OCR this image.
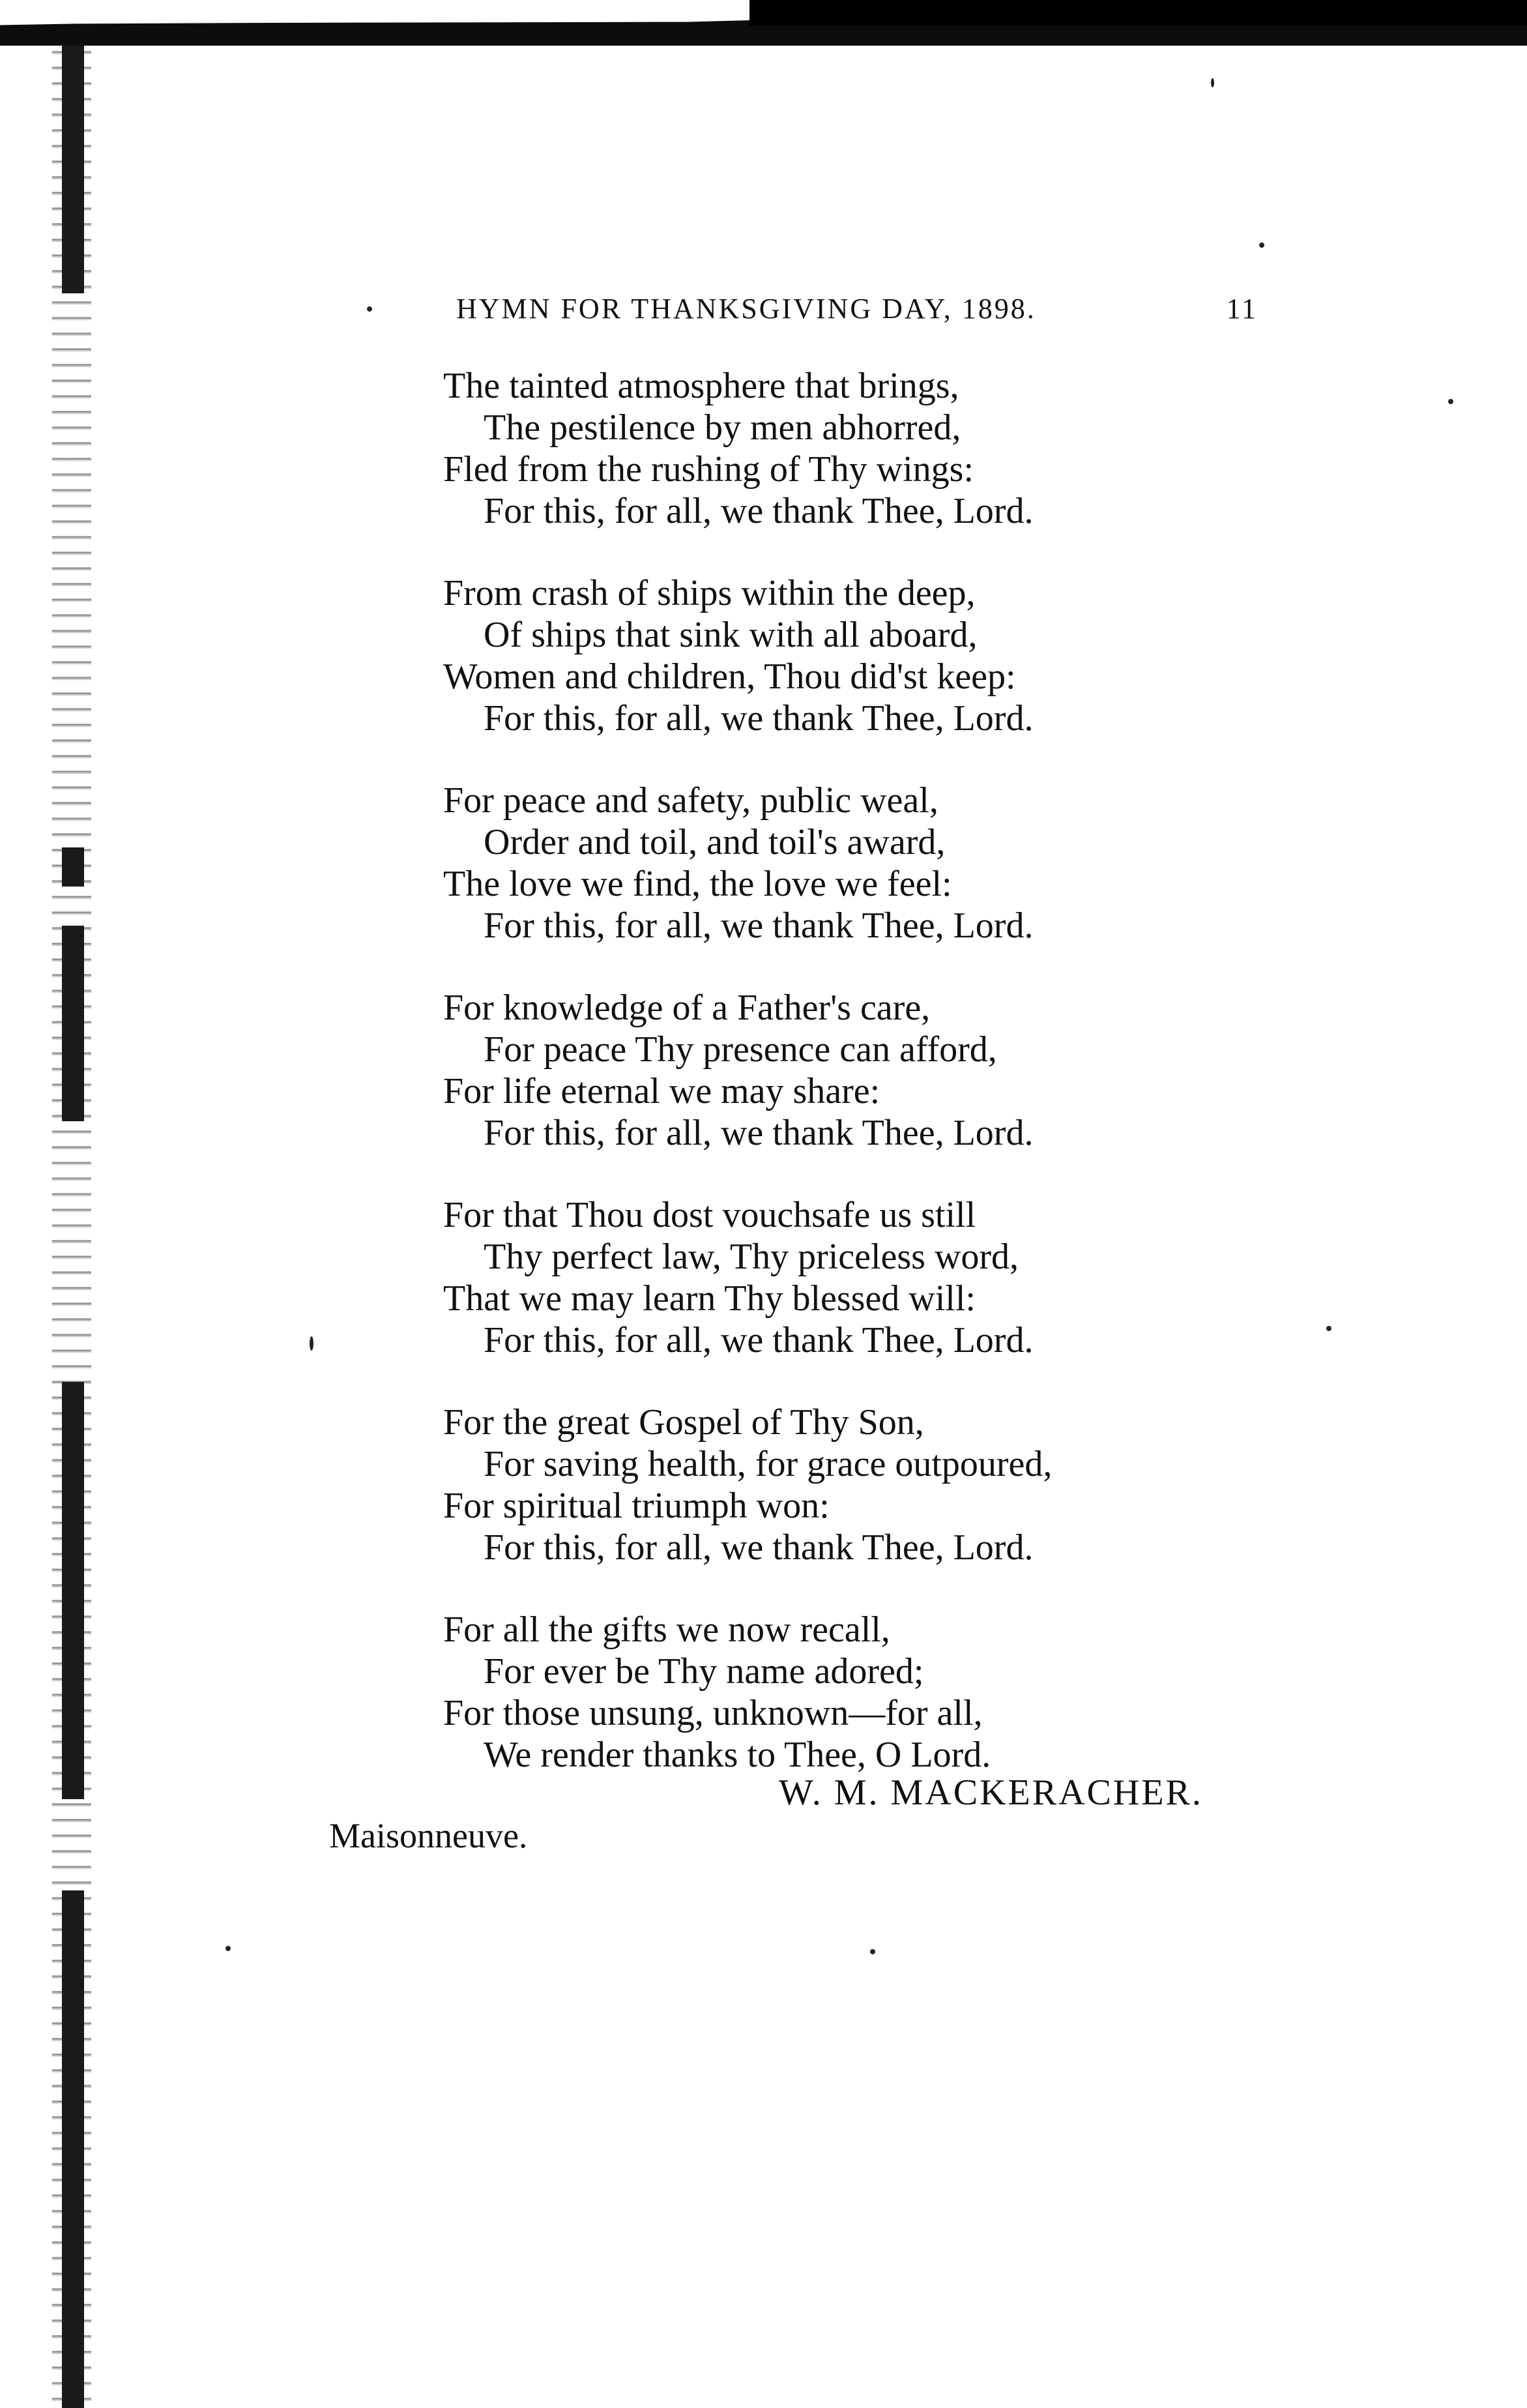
HYMN FOR THANKSGIVING DAY, 1898.	11
The tainted atmosphere that brings,
The pestilence by men abhorred,
Fled from the rushing of Thy wings:
For this, for all, we thank Thee, Lord.
From crash of ships within the deep,
Of ships that sink with all aboard,
Women and children, Thou did'st keep:
For this, for all, we thank Thee, Lord.
For peace and safety, public weal,
Order and toil, and toil's award,
The love we find, the love we feel:
For this, for all, we thank Thee, Lord.
For knowledge of a Father's care,
For peace Thy presence can afford,
For life eternal we may share:
For this, for all, we thank Thee, Lord.
For that Thou dost vouchsafe us still
Thy perfect law, Thy priceless word,
That we may learn Thy blessed will:
For this, for all, we thank Thee, Lord.
For the great Gospel of Thy Son,
For saving health, for grace outpoured,
For spiritual triumph won:
For this, for all, we thank Thee, Lord.
For all the gifts we now recall,
For ever be Thy name adored;
For those unsung, unknown—for all,
We render thanks to Thee, O Lord.
W. M. MACKERACHER.
Maisonneuve.
